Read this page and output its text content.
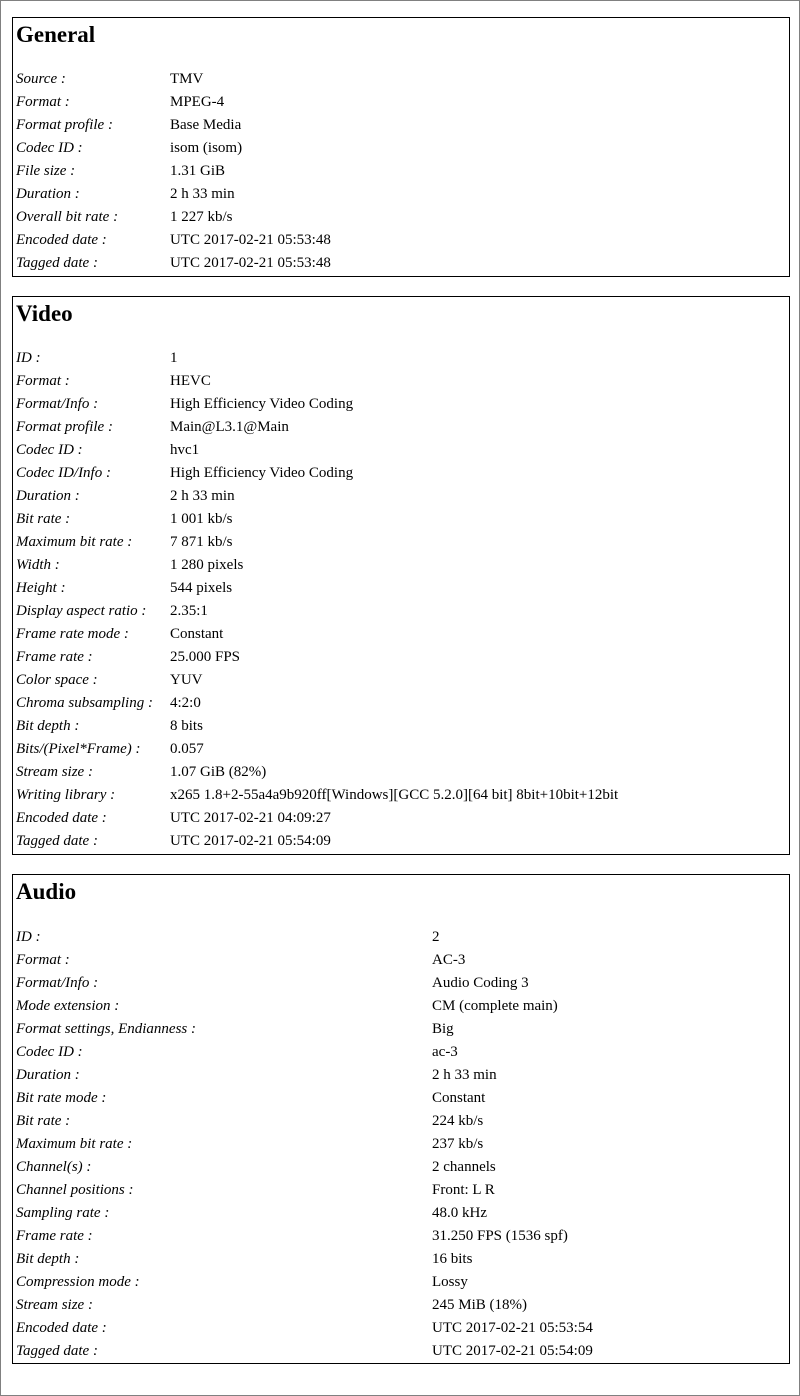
General
Source :	TMV
Format :	MPEG-4
Format profile :	Base Media
Codec ID :	isom (isom)
File size :	1.31 GiB
Duration :	2 h 33 min
Overall bit rate :	1 227 kb/s
Encoded date :	UTC 2017-02-21 05:53:48
Tagged date :	UTC 2017-02-21 05:53:48
Video
ID :	1
Format :	HEVC
Format/Info :	High Efficiency Video Coding
Format profile :	Main@L3.1@Main
Codec ID :	hvc1
Codec ID/Info :	High Efficiency Video Coding
Duration :	2 h 33 min
Bit rate :	1 001 kb/s
Maximum bit rate :	7 871 kb/s
Width :	1 280 pixels
Height :	544 pixels
Display aspect ratio : 2.35:1
Frame rate mode :	Constant
Frame rate :	25.000 FPS
Color space :	YUV
Chroma subsampling : 4:2:0
Bit depth :	8 bits
Bits/(Pixel*Frame) : 0.057
Stream size :	1.07 GiB (82%)
Writing library :	x265 1.8+2-55a4a9b920ff[Windows][GCC 5.2.0][64 bit] 8bit+10bit+12bit
Encoded date :	UTC 2017-02-21 04:09:27
Tagged date :	UTC 2017-02-21 05:54:09
Audio
ID :	2
Format :	AC-3
Format/Info :	Audio Coding 3
Mode extension :	CM (complete main)
Format settings, Endianness :	Big
Codec ID :	ac-3
Duration :	2 h 33 min
Bit rate mode :	Constant
Bit rate :	224 kb/s
Maximum bit rate :	237 kb/s
Channel(s) :	2 channels
Channel positions :	Front: L R
Sampling rate :	48.0 kHz
Frame rate :	31.250 FPS (1536 spf)
Bit depth :	16 bits
Compression mode :	Lossy
Stream size :	245 MiB (18%)
Encoded date :	UTC 2017-02-21 05:53:54
Tagged date :	UTC 2017-02-21 05:54:09
